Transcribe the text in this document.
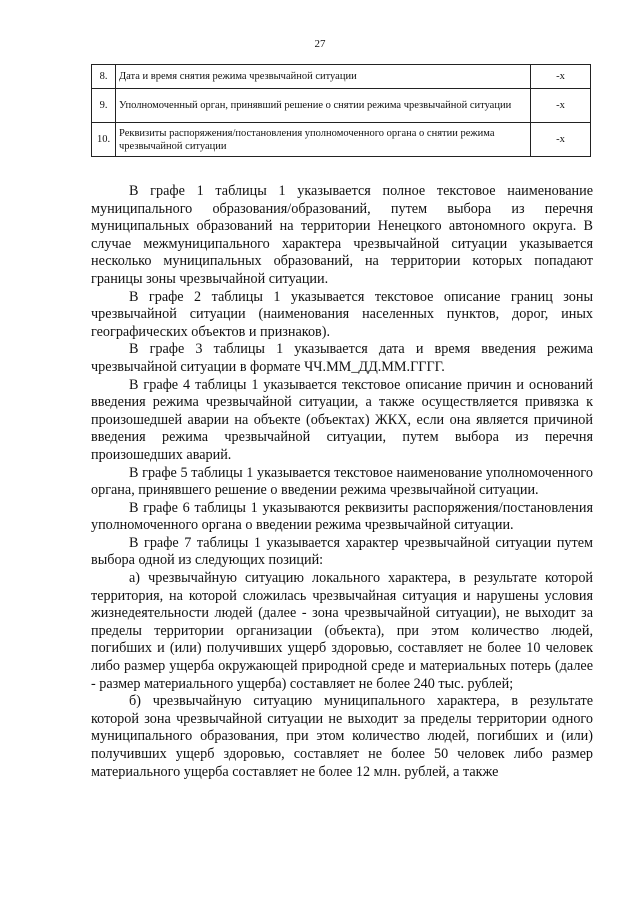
27
8.	Дата и время снятия режима чрезвычайной ситуации	-x
9.	Уполномоченный орган, принявший решение о снятии режима чрезвычайной ситуации	-x
10.	Реквизиты распоряжения/постановления уполномоченного органа о снятии режима чрезвычайной ситуации	-x

В графе 1 таблицы 1 указывается полное текстовое наименование муниципального образования/образований, путем выбора из перечня муниципальных образований на территории Ненецкого автономного округа. В случае межмуниципального характера чрезвычайной ситуации указывается несколько муниципальных образований, на территории которых попадают границы зоны чрезвычайной ситуации.

В графе 2 таблицы 1 указывается текстовое описание границ зоны чрезвычайной ситуации (наименования населенных пунктов, дорог, иных географических объектов и признаков).

В графе 3 таблицы 1 указывается дата и время введения режима чрезвычайной ситуации в формате ЧЧ.ММ_ДД.ММ.ГГГГ.

В графе 4 таблицы 1 указывается текстовое описание причин и оснований введения режима чрезвычайной ситуации, а также осуществляется привязка к произошедшей аварии на объекте (объектах) ЖКХ, если она является причиной введения режима чрезвычайной ситуации, путем выбора из перечня произошедших аварий.

В графе 5 таблицы 1 указывается текстовое наименование уполномоченного органа, принявшего решение о введении режима чрезвычайной ситуации.

В графе 6 таблицы 1 указываются реквизиты распоряжения/постановления уполномоченного органа о введении режима чрезвычайной ситуации.

В графе 7 таблицы 1 указывается характер чрезвычайной ситуации путем выбора одной из следующих позиций:

а) чрезвычайную ситуацию локального характера, в результате которой территория, на которой сложилась чрезвычайная ситуация и нарушены условия жизнедеятельности людей (далее - зона чрезвычайной ситуации), не выходит за пределы территории организации (объекта), при этом количество людей, погибших и (или) получивших ущерб здоровью, составляет не более 10 человек либо размер ущерба окружающей природной среде и материальных потерь (далее - размер материального ущерба) составляет не более 240 тыс. рублей;

б) чрезвычайную ситуацию муниципального характера, в результате которой зона чрезвычайной ситуации не выходит за пределы территории одного муниципального образования, при этом количество людей, погибших и (или) получивших ущерб здоровью, составляет не более 50 человек либо размер материального ущерба составляет не более 12 млн. рублей, а также
